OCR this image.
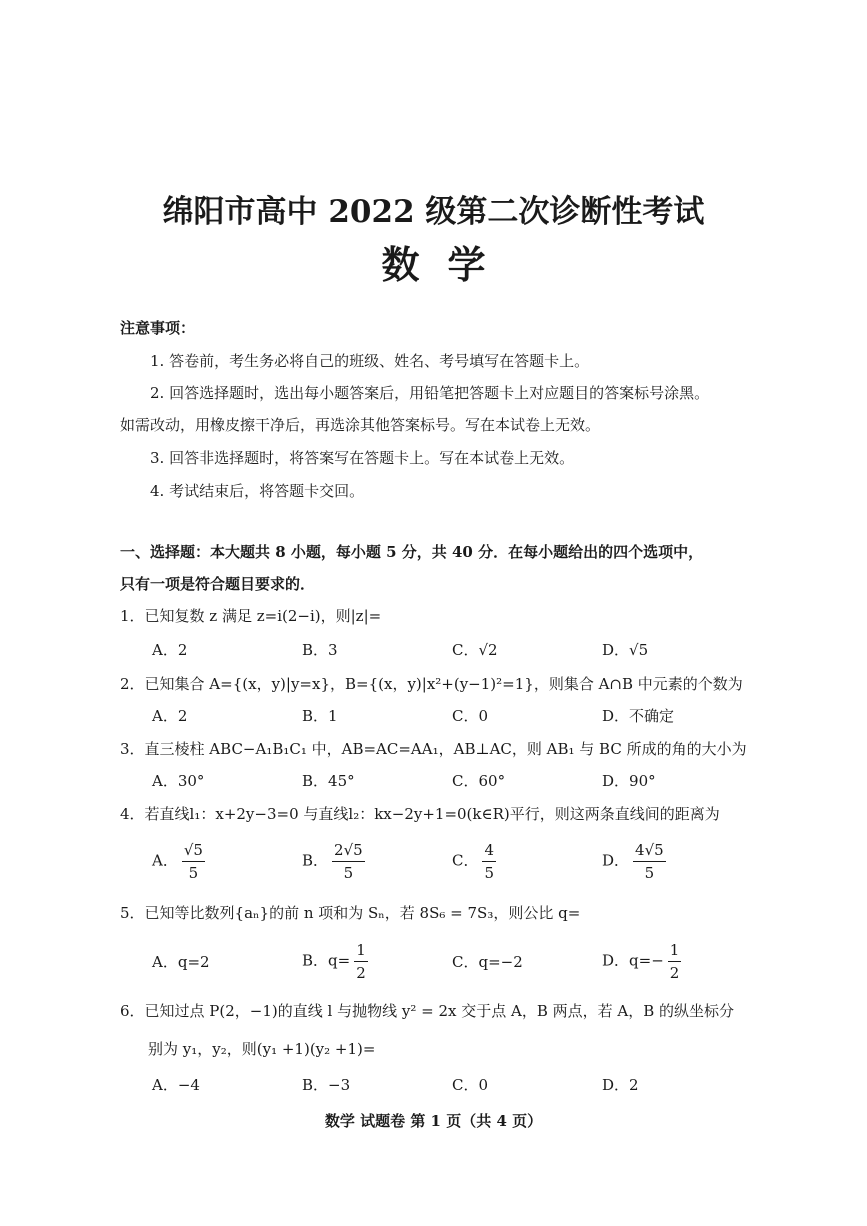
绵阳市高中 2022 级第二次诊断性考试
数学
注意事项：
1. 答卷前，考生务必将自己的班级、姓名、考号填写在答题卡上。
2. 回答选择题时，选出每小题答案后，用铅笔把答题卡上对应题目的答案标号涂黑。
如需改动，用橡皮擦干净后，再选涂其他答案标号。写在本试卷上无效。
3. 回答非选择题时，将答案写在答题卡上。写在本试卷上无效。
4. 考试结束后，将答题卡交回。
一、选择题：本大题共 8 小题，每小题 5 分，共 40 分．在每小题给出的四个选项中，
只有一项是符合题目要求的．
1．已知复数 z 满足 z=i(2−i)，则|z|=
A．2	B．3	C．√2	D．√5
2．已知集合 A={(x，y)|y=x}，B={(x，y)|x²+(y−1)²=1}，则集合 A∩B 中元素的个数为
A．2	B．1	C．0	D．不确定
3．直三棱柱 ABC−A₁B₁C₁ 中，AB=AC=AA₁，AB⊥AC，则 AB₁ 与 BC 所成的角的大小为
A．30°	B．45°	C．60°	D．90°
4．若直线l₁：x+2y−3=0 与直线l₂：kx−2y+1=0(k∈R)平行，则这两条直线间的距离为
A． $\frac{√5}{5}$	B． $\frac{2√5}{5}$	C． $\frac{4}{5}$	D． $\frac{4√5}{5}$
5．已知等比数列{aₙ}的前 n 项和为 Sₙ，若 8S₆ = 7S₃，则公比 q=
A．q=2	B．$q= \frac{1}{2}$	C．q=−2	D．$q=- \frac{1}{2}$
6．已知过点 P(2，−1)的直线 l 与抛物线 y² = 2x 交于点 A，B 两点，若 A，B 的纵坐标分
别为 y₁，y₂，则(y₁ +1)(y₂ +1)=
A．−4	B．−3	C．0	D．2
数学 试题卷 第 1 页（共 4 页）
